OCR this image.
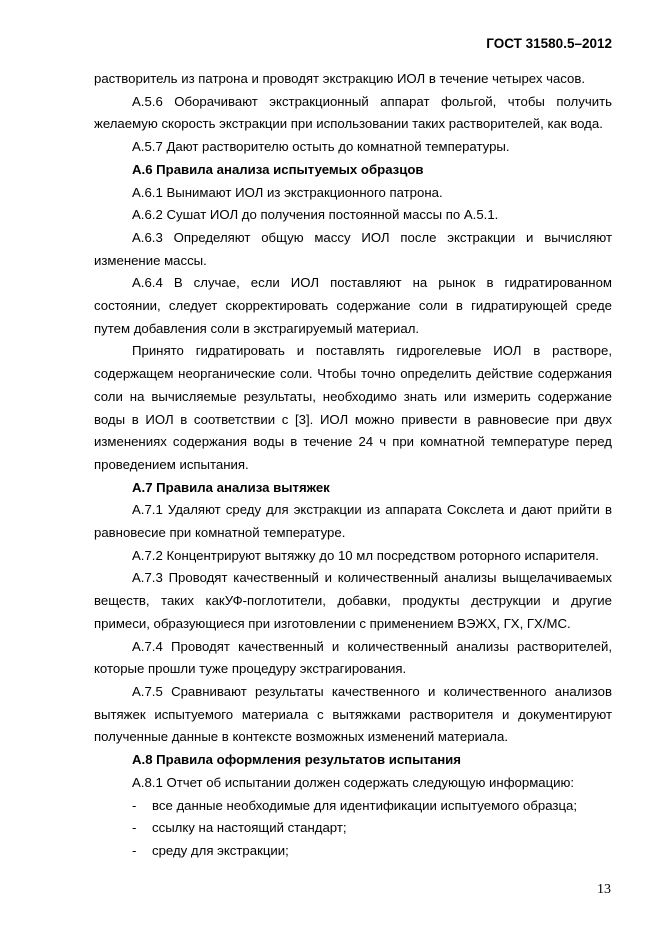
ГОСТ 31580.5–2012

растворитель из патрона и проводят экстракцию ИОЛ в течение четырех часов.

А.5.6 Оборачивают экстракционный аппарат фольгой, чтобы получить желаемую скорость экстракции при использовании таких растворителей, как вода.

А.5.7 Дают растворителю остыть до комнатной температуры.

А.6 Правила анализа испытуемых образцов

А.6.1 Вынимают ИОЛ из экстракционного патрона.

А.6.2 Сушат ИОЛ до получения постоянной массы по А.5.1.

А.6.3 Определяют общую массу ИОЛ после экстракции и вычисляют изменение массы.

А.6.4 В случае, если ИОЛ поставляют на рынок в гидратированном состоянии, следует скорректировать содержание соли в гидратирующей среде путем добавления соли в экстрагируемый материал.

Принято гидратировать и поставлять гидрогелевые ИОЛ в растворе, содержащем неорганические соли. Чтобы точно определить действие содержания соли на вычисляемые результаты, необходимо знать или измерить содержание воды в ИОЛ в соответствии с [3]. ИОЛ можно привести в равновесие при двух изменениях содержания воды в течение 24 ч при комнатной температуре перед проведением испытания.

А.7 Правила анализа вытяжек

А.7.1 Удаляют среду для экстракции из аппарата Сокслета и дают прийти в равновесие при комнатной температуре.

А.7.2 Концентрируют вытяжку до 10 мл посредством роторного испарителя.

А.7.3 Проводят качественный и количественный анализы выщелачиваемых веществ, таких какУФ-поглотители, добавки, продукты деструкции и другие примеси, образующиеся при изготовлении с применением ВЭЖХ, ГХ, ГХ/МС.

А.7.4 Проводят качественный и количественный анализы растворителей, которые прошли туже процедуру экстрагирования.

А.7.5 Сравнивают результаты качественного и количественного анализов вытяжек испытуемого материала с вытяжками растворителя и документируют полученные данные в контексте возможных изменений материала.

А.8 Правила оформления результатов испытания

А.8.1 Отчет об испытании должен содержать следующую информацию:

-	все данные необходимые для идентификации испытуемого образца;
-	ссылку на настоящий стандарт;
-	среду для экстракции;
13
